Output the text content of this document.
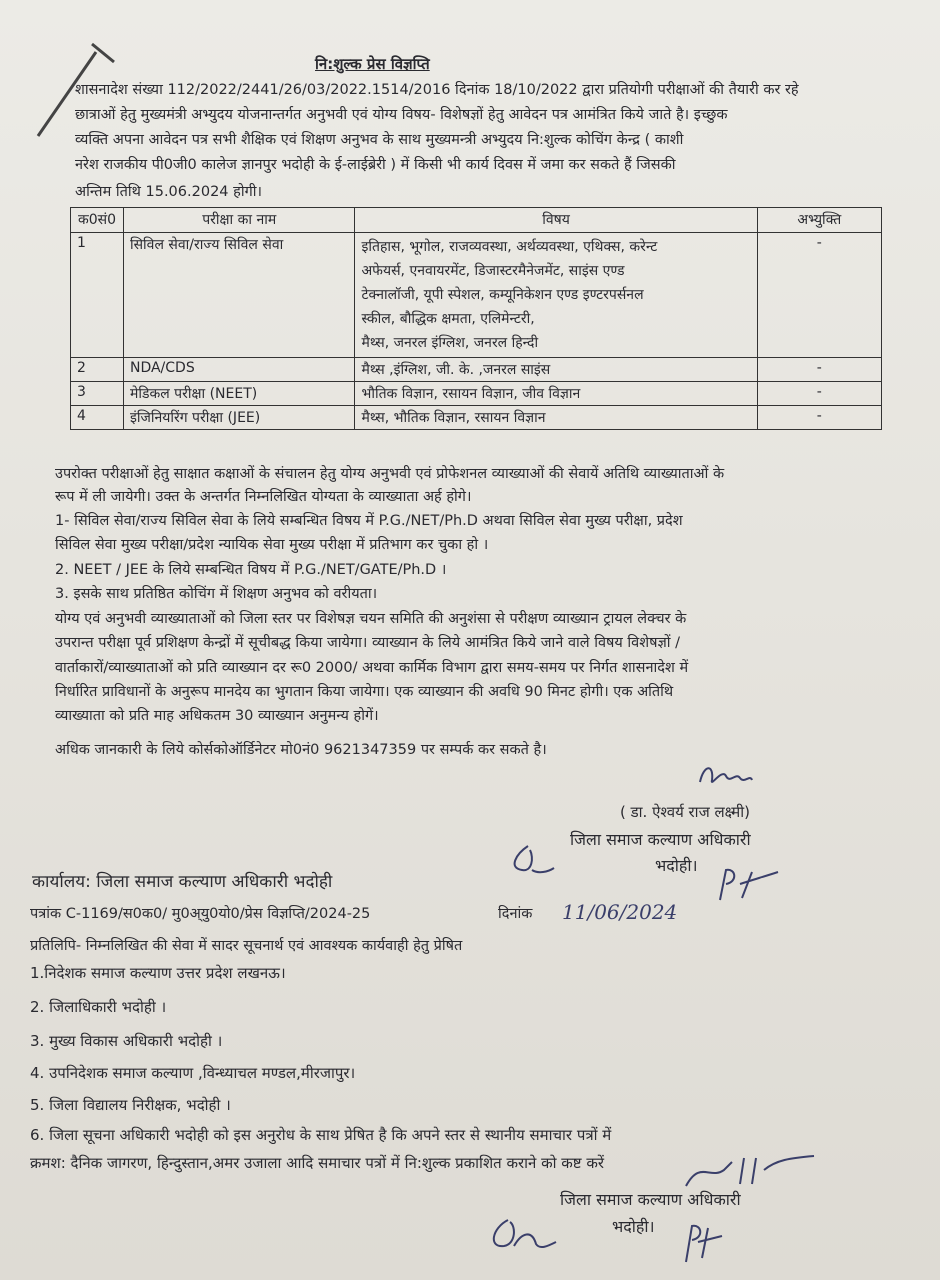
नि:शुल्क प्रेस विज्ञप्ति
शासनादेश संख्या 112/2022/2441/26/03/2022.1514/2016 दिनांक 18/10/2022 द्वारा प्रतियोगी परीक्षाओं की तैयारी कर रहे
छात्राओं हेतु मुख्यमंत्री अभ्युदय योजनान्तर्गत अनुभवी एवं योग्य विषय- विशेषज्ञों हेतु आवेदन पत्र आमंत्रित किये जाते है। इच्छुक
व्यक्ति अपना आवेदन पत्र सभी शैक्षिक एवं शिक्षण अनुभव के साथ मुख्यमन्त्री अभ्युदय नि:शुल्क कोचिंग केन्द्र ( काशी
नरेश राजकीय पी0जी0 कालेज ज्ञानपुर भदोही के ई-लाईब्रेरी ) में किसी भी कार्य दिवस में जमा कर सकते हैं जिसकी
अन्तिम तिथि 15.06.2024 होगी।
क0सं0	परीक्षा का नाम	विषय	अभ्युक्ति
1	सिविल सेवा/राज्य सिविल सेवा	इतिहास, भूगोल, राजव्यवस्था, अर्थव्यवस्था, एथिक्स, करेन्ट
अफेयर्स, एनवायरमेंट, डिजास्टरमैनेजमेंट, साइंस एण्ड
टेक्नालॉजी, यूपी स्पेशल, कम्यूनिकेशन एण्ड इण्टरपर्सनल
स्कील, बौद्धिक क्षमता, एलिमेन्टरी,
मैथ्स, जनरल इंग्लिश, जनरल हिन्दी	-
2	NDA/CDS	मैथ्स ,इंग्लिश, जी. के. ,जनरल साइंस	-
3	मेडिकल परीक्षा (NEET)	भौतिक विज्ञान, रसायन विज्ञान, जीव विज्ञान	-
4	इंजिनियरिंग परीक्षा (JEE)	मैथ्स, भौतिक विज्ञान, रसायन विज्ञान	-
उपरोक्त परीक्षाओं हेतु साक्षात कक्षाओं के संचालन हेतु योग्य अनुभवी एवं प्रोफेशनल व्याख्याओं की सेवायें अतिथि व्याख्याताओं के
रूप में ली जायेगी। उक्त के अन्तर्गत निम्नलिखित योग्यता के व्याख्याता अर्ह होगे।
1- सिविल सेवा/राज्य सिविल सेवा के लिये सम्बन्धित विषय में P.G./NET/Ph.D अथवा सिविल सेवा मुख्य परीक्षा, प्रदेश
सिविल सेवा मुख्य परीक्षा/प्रदेश न्यायिक सेवा मुख्य परीक्षा में प्रतिभाग कर चुका हो ।
2. NEET / JEE के लिये सम्बन्धित विषय में P.G./NET/GATE/Ph.D ।
3. इसके साथ प्रतिष्ठित कोचिंग में शिक्षण अनुभव को वरीयता।
योग्य एवं अनुभवी व्याख्याताओं को जिला स्तर पर विशेषज्ञ चयन समिति की अनुशंसा से परीक्षण व्याख्यान ट्रायल लेक्चर के
उपरान्त परीक्षा पूर्व प्रशिक्षण केन्द्रों में सूचीबद्ध किया जायेगा। व्याख्यान के लिये आमंत्रित किये जाने वाले विषय विशेषज्ञों /
वार्ताकारों/व्याख्याताओं को प्रति व्याख्यान दर रू0 2000/ अथवा कार्मिक विभाग द्वारा समय-समय पर निर्गत शासनादेश में
निर्धारित प्राविधानों के अनुरूप मानदेय का भुगतान किया जायेगा। एक व्याख्यान की अवधि 90 मिनट होगी। एक अतिथि
व्याख्याता को प्रति माह अधिकतम 30 व्याख्यान अनुमन्य होगें।
अधिक जानकारी के लिये कोर्सकोऑर्डिनेटर मो0नं0 9621347359 पर सम्पर्क कर सकते है।
( डा. ऐश्वर्य राज लक्ष्मी)
जिला समाज कल्याण अधिकारी
भदोही।
कार्यालय: जिला समाज कल्याण अधिकारी भदोही
पत्रांक C-1169/स0क0/ मु0अ्यु0यो0/प्रेस विज्ञप्ति/2024-25	दिनांक 11/06/2024
प्रतिलिपि- निम्नलिखित की सेवा में सादर सूचनार्थ एवं आवश्यक कार्यवाही हेतु प्रेषित
1.निदेशक समाज कल्याण उत्तर प्रदेश लखनऊ।
2. जिलाधिकारी भदोही ।
3. मुख्य विकास अधिकारी भदोही ।
4. उपनिदेशक समाज कल्याण ,विन्ध्याचल मण्डल,मीरजापुर।
5. जिला विद्यालय निरीक्षक, भदोही ।
6. जिला सूचना अधिकारी भदोही को इस अनुरोध के साथ प्रेषित है कि अपने स्तर से स्थानीय समाचार पत्रों में
क्रमश: दैनिक जागरण, हिन्दुस्तान,अमर उजाला आदि समाचार पत्रों में नि:शुल्क प्रकाशित कराने को कष्ट करें
जिला समाज कल्याण अधिकारी
भदोही।
